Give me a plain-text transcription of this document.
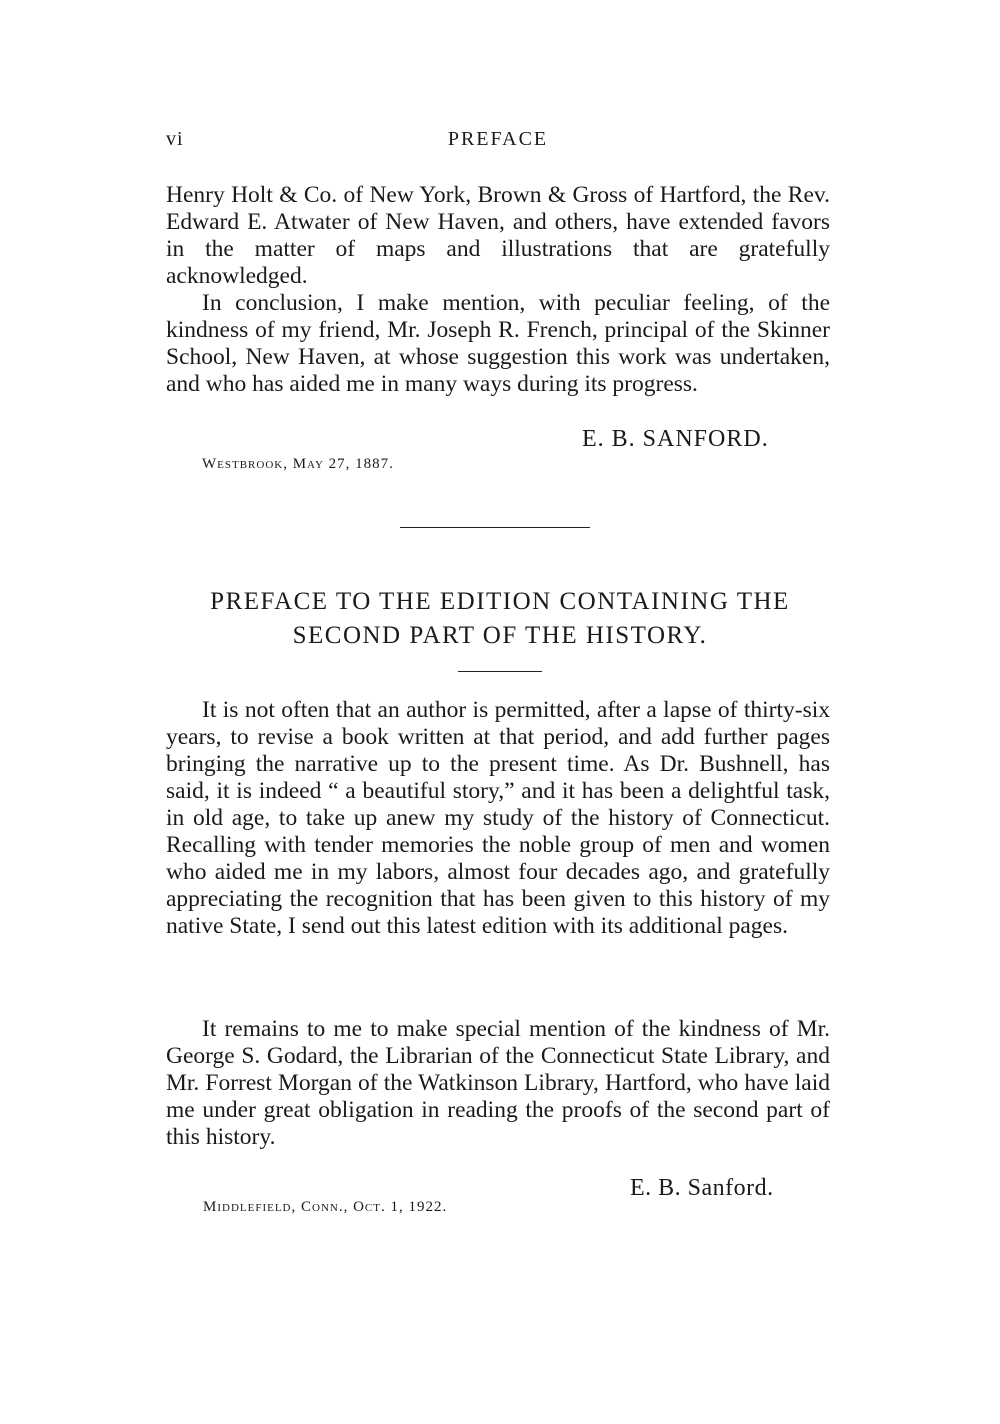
vi	PREFACE

Henry Holt & Co. of New York, Brown & Gross of Hartford, the Rev. Edward E. Atwater of New Haven, and others, have extended favors in the matter of maps and illustrations that are gratefully acknowledged.

In conclusion, I make mention, with peculiar feeling, of the kindness of my friend, Mr. Joseph R. French, principal of the Skinner School, New Haven, at whose suggestion this work was undertaken, and who has aided me in many ways during its progress.

E. B. SANFORD.
Westbrook, May 27, 1887.
PREFACE TO THE EDITION CONTAINING THE
SECOND PART OF THE HISTORY.

It is not often that an author is permitted, after a lapse of thirty-six years, to revise a book written at that period, and add further pages bringing the narrative up to the present time. As Dr. Bushnell, has said, it is indeed “ a beautiful story,” and it has been a delightful task, in old age, to take up anew my study of the history of Connecticut. Recalling with tender memories the noble group of men and women who aided me in my labors, almost four decades ago, and gratefully appreciating the recognition that has been given to this history of my native State, I send out this latest edition with its additional pages.

It remains to me to make special mention of the kindness of Mr. George S. Godard, the Librarian of the Connecticut State Library, and Mr. Forrest Morgan of the Watkinson Library, Hartford, who have laid me under great obligation in reading the proofs of the second part of this history.

E. B. Sanford.
Middlefield, Conn., Oct. 1, 1922.
